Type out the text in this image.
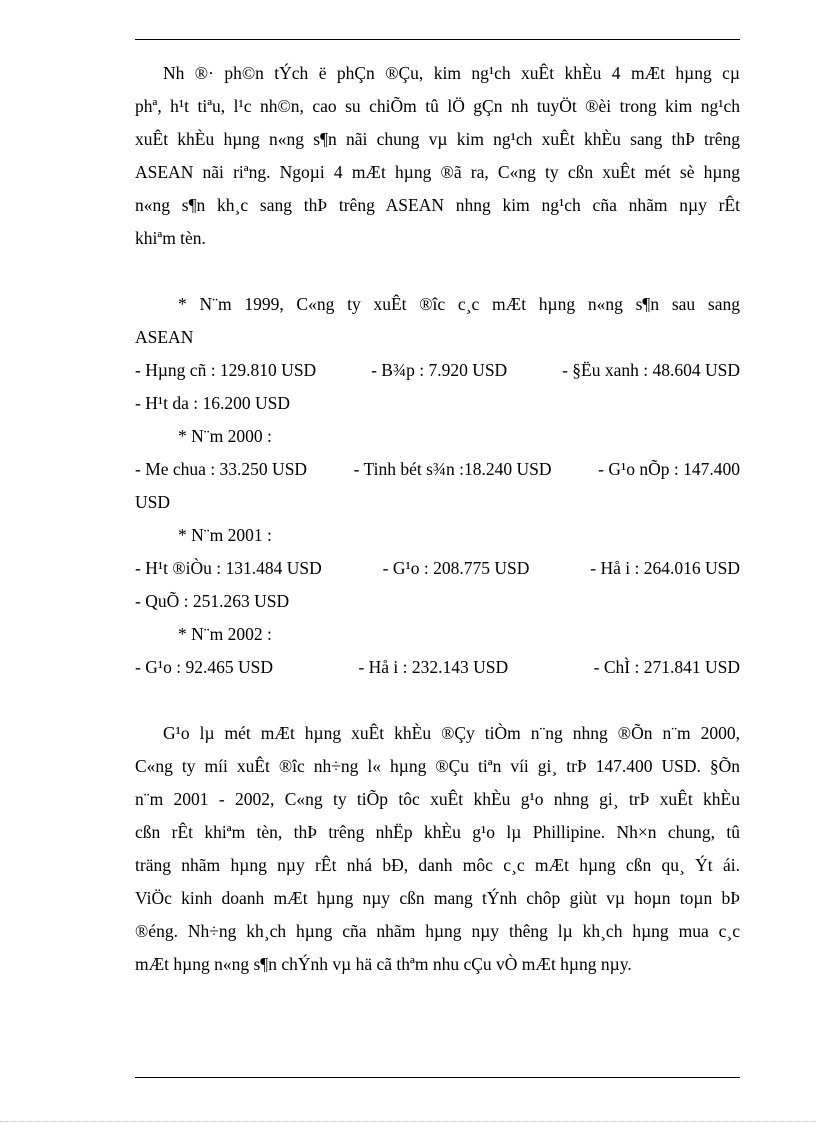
Nh ®· ph©n tÝch ë phÇn ®Çu, kim ng¹ch xuÊt khÈu 4 mÆt hµng cµ
phª, h¹t tiªu, l¹c nh©n, cao su chiÕm tû lÖ gÇn nh tuyÖt ®èi trong kim ng¹ch
xuÊt khÈu hµng n«ng s¶n nãi chung vµ kim ng¹ch xuÊt khÈu sang thÞ trêng
ASEAN nãi riªng. Ngoµi 4 mÆt hµng ®ã ra, C«ng ty cßn xuÊt mét sè hµng
n«ng s¶n kh¸c sang thÞ trêng ASEAN nhng kim ng¹ch cña nhãm nµy rÊt
khiªm tèn.
* N¨m 1999, C«ng ty xuÊt ®îc c¸c mÆt hµng n«ng s¶n sau sang
ASEAN
- Hµng cñ : 129.810 USD	- B¾p : 7.920 USD	- §Ëu xanh : 48.604 USD
- H¹t da : 16.200 USD
* N¨m 2000 :
- Me chua : 33.250 USD	- Tinh bét s¾n :18.240 USD	- G¹o nÕp : 147.400
USD
* N¨m 2001 :
- H¹t ®iÒu : 131.484 USD	- G¹o : 208.775 USD	- Hå i : 264.016 USD
- QuÕ : 251.263 USD
* N¨m 2002 :
- G¹o : 92.465 USD	- Hå i : 232.143 USD	- ChÌ : 271.841 USD
G¹o lµ mét mÆt hµng xuÊt khÈu ®Çy tiÒm n¨ng nhng ®Õn n¨m 2000,
C«ng ty míi xuÊt ®îc nh÷ng l« hµng ®Çu tiªn víi gi¸ trÞ 147.400 USD. §Õn
n¨m 2001 - 2002, C«ng ty tiÕp tôc xuÊt khÈu g¹o nhng gi¸ trÞ xuÊt khÈu
cßn rÊt khiªm tèn, thÞ trêng nhËp khÈu g¹o lµ Phillipine. Nh×n chung, tû
träng nhãm hµng nµy rÊt nhá bÐ, danh môc c¸c mÆt hµng cßn qu¸ Ýt ái.
ViÖc kinh doanh mÆt hµng nµy cßn mang tÝnh chôp giùt vµ hoµn toµn bÞ
®éng. Nh÷ng kh¸ch hµng cña nhãm hµng nµy thêng lµ kh¸ch hµng mua c¸c
mÆt hµng n«ng s¶n chÝnh vµ hä cã thªm nhu cÇu vÒ mÆt hµng nµy.
